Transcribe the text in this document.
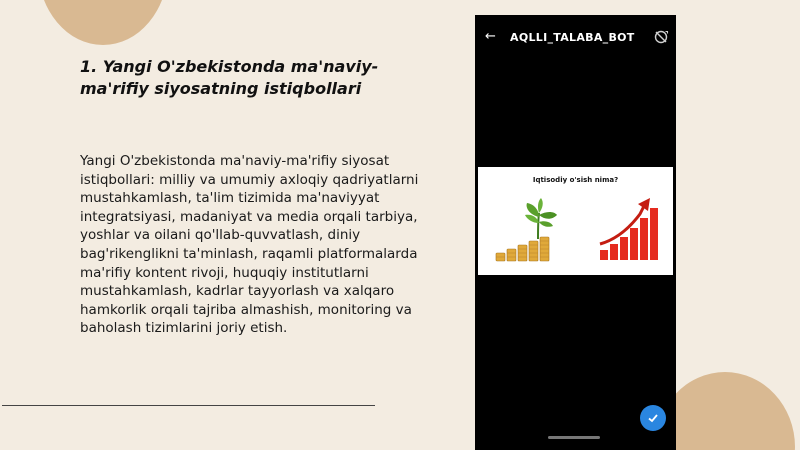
1. Yangi O'zbekistonda ma'naviy-ma'rifiy siyosatning istiqbollari
Yangi O'zbekistonda ma'naviy-ma'rifiy siyosat istiqbollari: milliy va umumiy axloqiy qadriyatlarni mustahkamlash, ta'lim tizimida ma'naviyyat integratsiyasi, madaniyat va media orqali tarbiya, yoshlar va oilani qo'llab-quvvatlash, diniy bag'rikenglikni ta'minlash, raqamli platformalarda ma'rifiy kontent rivoji, huquqiy institutlarni mustahkamlash, kadrlar tayyorlash va xalqaro hamkorlik orqali tajriba almashish, monitoring va baholash tizimlarini joriy etish.
← AQLLI_TALABA_BOT
Iqtisodiy o'sish nima?
